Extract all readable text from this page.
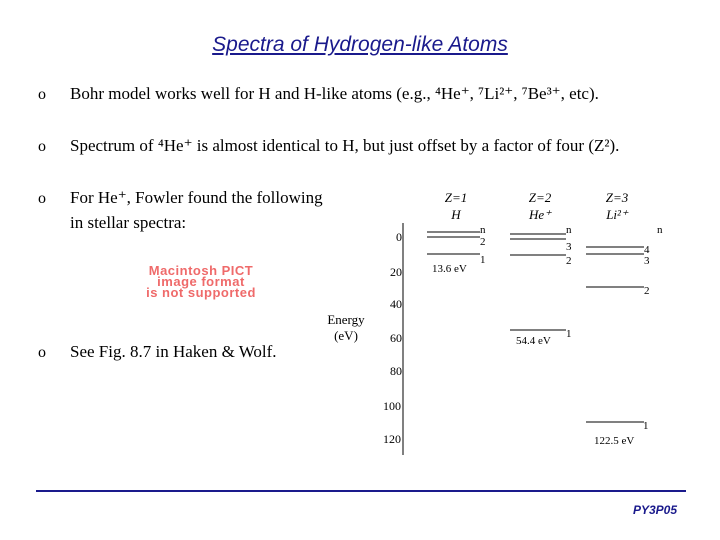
Spectra of Hydrogen-like Atoms
o Bohr model works well for H and H-like atoms (e.g., ⁴He⁺, ⁷Li²⁺, ⁷Be³⁺, etc).
o Spectrum of ⁴He⁺ is almost identical to H, but just offset by a factor of four (Z²).
o For He⁺, Fowler found the following
in stellar spectra:
o See Fig. 8.7 in Haken & Wolf.
Macintosh PICT
image format
is not supported
Energy
(eV)
0
20
40
60
80
100
120
Z=1
H
n
Z=2
He⁺
n
Z=3
Li²⁺
n
2
1
13.6 eV
3
2
1
54.4 eV
4
3
2
1
122.5 eV
PY3P05
